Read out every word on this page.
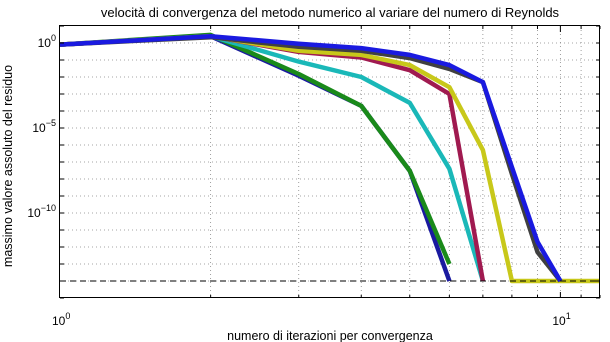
$10^0$	$10^1$
$10^0$
$10^{-5}$
$10^{-10}$
velocità di convergenza del metodo numerico al variare del numero di Reynolds
numero di iterazioni per convergenza
massimo valore assoluto del residuo
